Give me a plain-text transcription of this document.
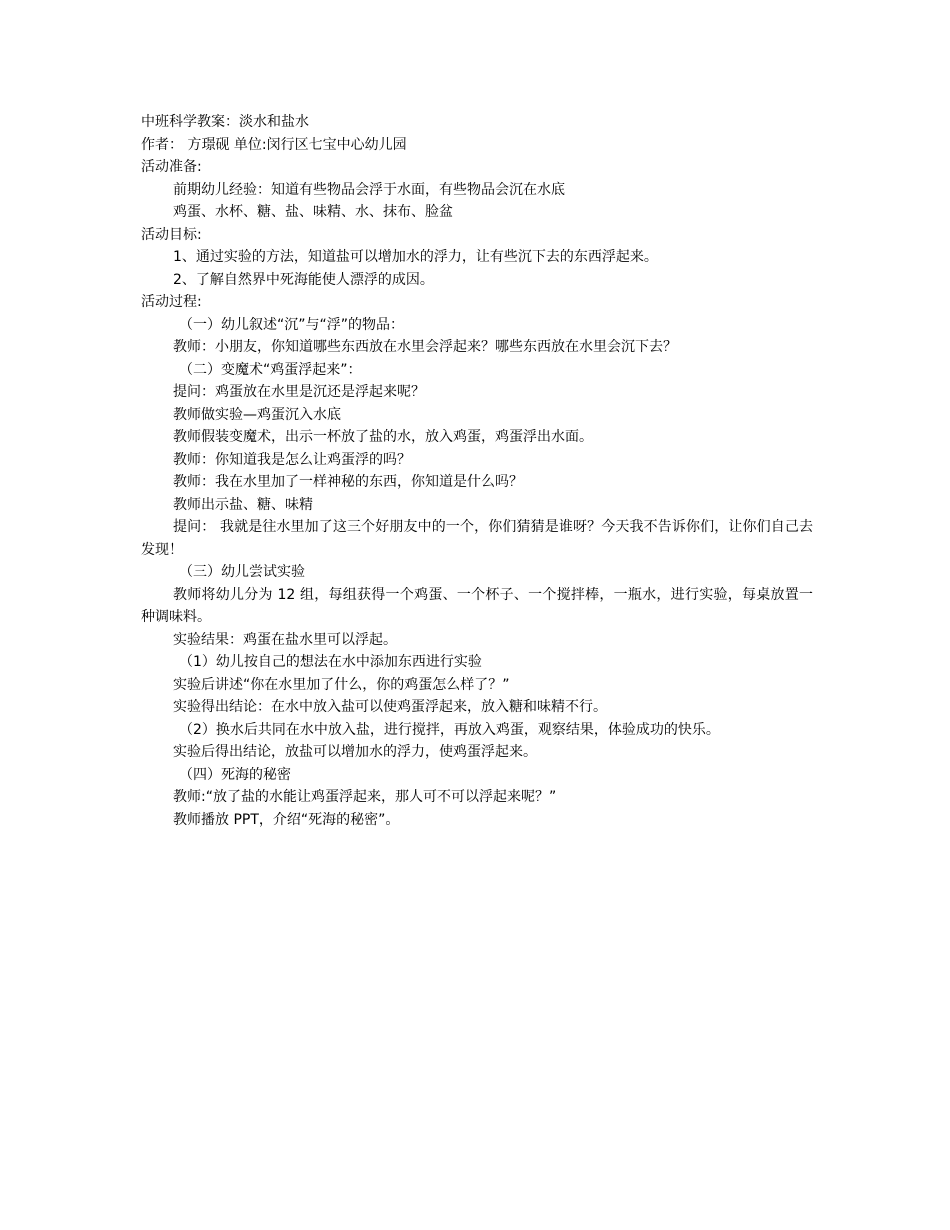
中班科学教案：淡水和盐水
作者： 方璟砚 单位:闵行区七宝中心幼儿园
活动准备:
前期幼儿经验：知道有些物品会浮于水面，有些物品会沉在水底
鸡蛋、水杯、糖、盐、味精、水、抹布、脸盆
活动目标:
1、通过实验的方法，知道盐可以增加水的浮力，让有些沉下去的东西浮起来。
2、了解自然界中死海能使人漂浮的成因。
活动过程:
（一）幼儿叙述“沉”与“浮”的物品：
教师：小朋友，你知道哪些东西放在水里会浮起来？哪些东西放在水里会沉下去？
（二）变魔术“鸡蛋浮起来”：
提问：鸡蛋放在水里是沉还是浮起来呢？
教师做实验—鸡蛋沉入水底
教师假装变魔术，出示一杯放了盐的水，放入鸡蛋，鸡蛋浮出水面。
教师：你知道我是怎么让鸡蛋浮的吗？
教师：我在水里加了一样神秘的东西，你知道是什么吗？
教师出示盐、糖、味精
提问： 我就是往水里加了这三个好朋友中的一个，你们猜猜是谁呀？今天我不告诉你们，让你们自己去发现！
（三）幼儿尝试实验
教师将幼儿分为 12 组，每组获得一个鸡蛋、一个杯子、一个搅拌棒，一瓶水，进行实验，每桌放置一种调味料。
实验结果：鸡蛋在盐水里可以浮起。
（1）幼儿按自己的想法在水中添加东西进行实验
实验后讲述“你在水里加了什么，你的鸡蛋怎么样了？”
实验得出结论：在水中放入盐可以使鸡蛋浮起来，放入糖和味精不行。
（2）换水后共同在水中放入盐，进行搅拌，再放入鸡蛋，观察结果，体验成功的快乐。
实验后得出结论，放盐可以增加水的浮力，使鸡蛋浮起来。
（四）死海的秘密
教师:“放了盐的水能让鸡蛋浮起来，那人可不可以浮起来呢？”
教师播放 PPT，介绍“死海的秘密”。
